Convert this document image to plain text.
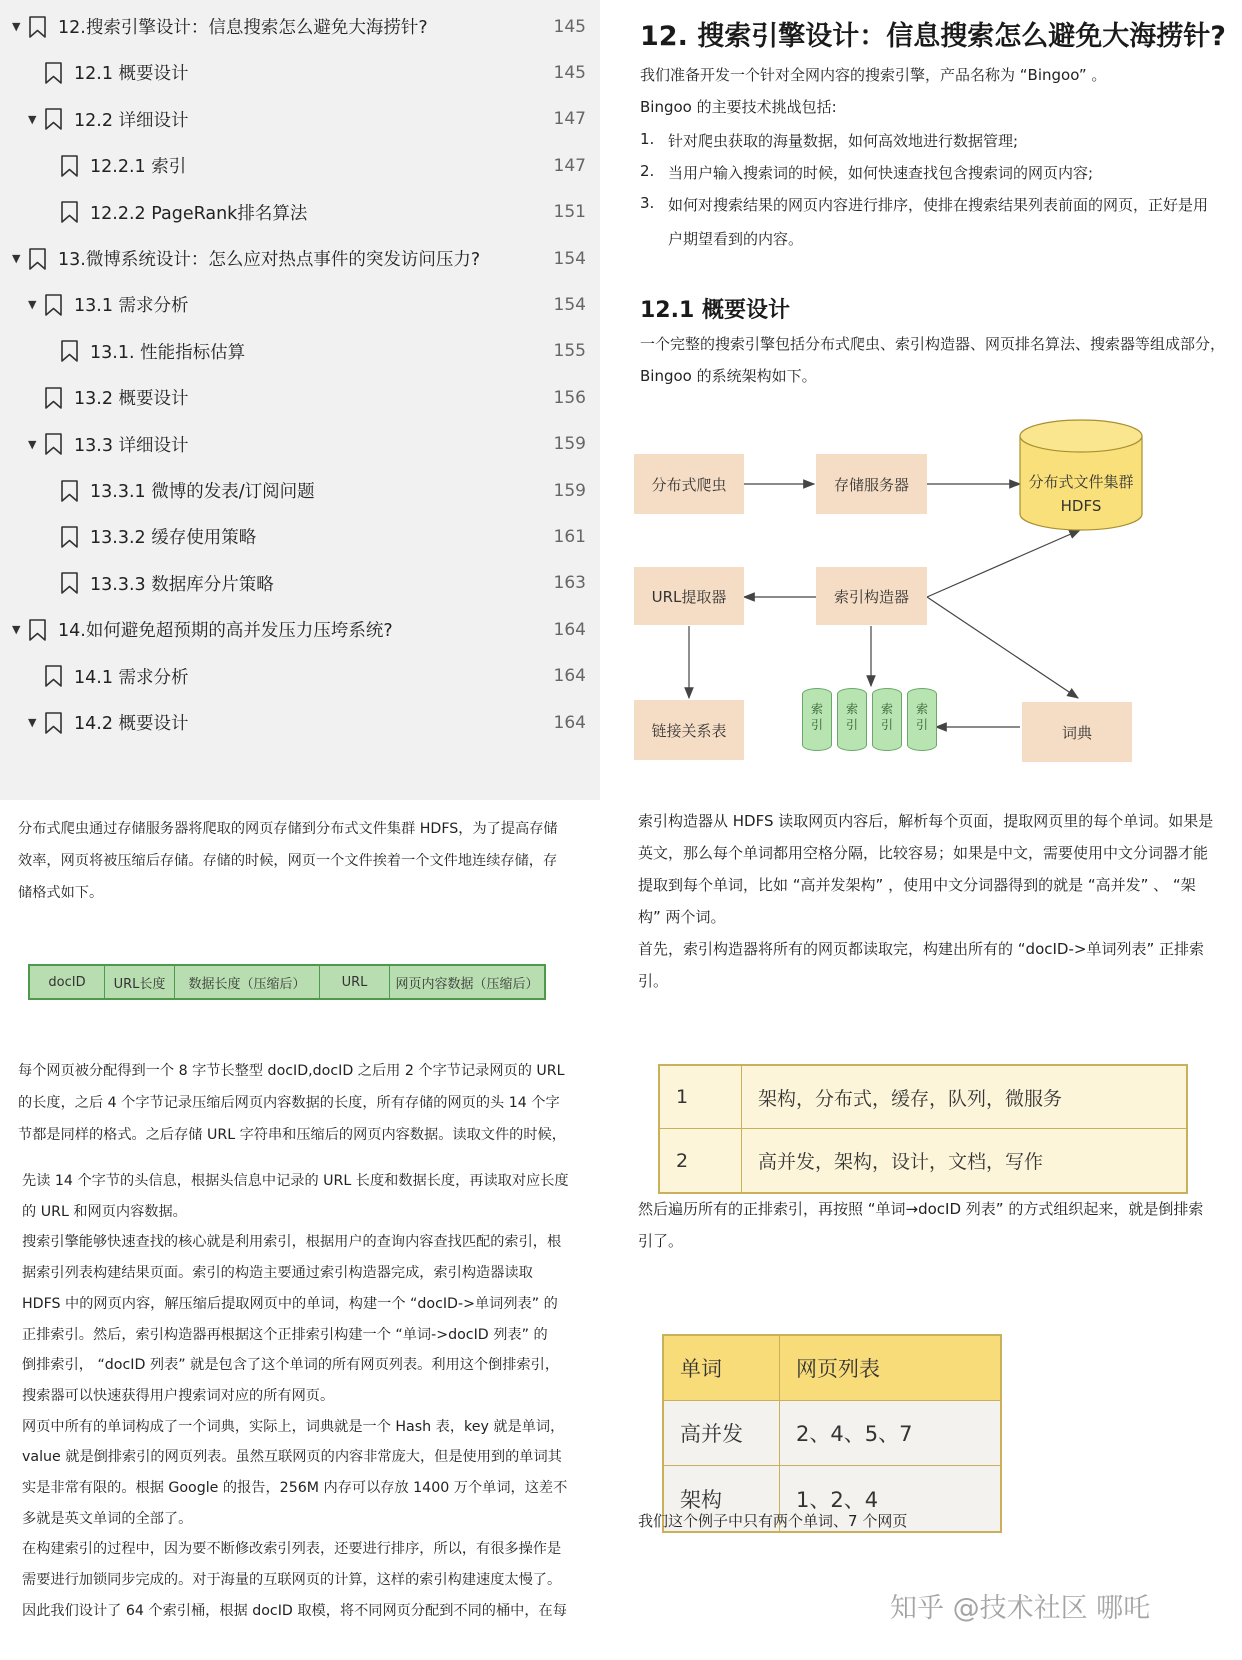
▼ 12.搜索引擎设计：信息搜索怎么避免大海捞针?	145
12.1 概要设计	145
▼ 12.2 详细设计	147
12.2.1 索引	147
12.2.2 PageRank排名算法	151
▼ 13.微博系统设计：怎么应对热点事件的突发访问压力?	154
▼ 13.1 需求分析	154
13.1. 性能指标估算	155
13.2 概要设计	156
▼ 13.3 详细设计	159
13.3.1 微博的发表/订阅问题	159
13.3.2 缓存使用策略	161
13.3.3 数据库分片策略	163
▼ 14.如何避免超预期的高并发压力压垮系统?	164
14.1 需求分析	164
▼ 14.2 概要设计	164
12. 搜索引擎设计：信息搜索怎么避免大海捞针?
我们准备开发一个针对全网内容的搜索引擎，产品名称为 “Bingoo” 。
Bingoo 的主要技术挑战包括:
1. 针对爬虫获取的海量数据，如何高效地进行数据管理;
2. 当用户输入搜索词的时候，如何快速查找包含搜索词的网页内容;
3. 如何对搜索结果的网页内容进行排序，使排在搜索结果列表前面的网页，正好是用
户期望看到的内容。
12.1 概要设计
一个完整的搜索引擎包括分布式爬虫、索引构造器、网页排名算法、搜索器等组成部分，
Bingoo 的系统架构如下。
分布式爬虫	存储服务器	分布式文件集群
HDFS
URL提取器	索引构造器
链接关系表	词典
索
引
索
引
索
引
索
引
分布式爬虫通过存储服务器将爬取的网页存储到分布式文件集群 HDFS，为了提高存储
效率，网页将被压缩后存储。存储的时候，网页一个文件挨着一个文件地连续存储，存
储格式如下。
docID	URL长度	数据长度（压缩后）	URL	网页内容数据（压缩后）
每个网页被分配得到一个 8 字节长整型 docID,docID 之后用 2 个字节记录网页的 URL
的长度，之后 4 个字节记录压缩后网页内容数据的长度，所有存储的网页的头 14 个字
节都是同样的格式。之后存储 URL 字符串和压缩后的网页内容数据。读取文件的时候，
先读 14 个字节的头信息，根据头信息中记录的 URL 长度和数据长度，再读取对应长度
的 URL 和网页内容数据。
搜索引擎能够快速查找的核心就是利用索引，根据用户的查询内容查找匹配的索引，根
据索引列表构建结果页面。索引的构造主要通过索引构造器完成，索引构造器读取
HDFS 中的网页内容，解压缩后提取网页中的单词，构建一个 “docID->单词列表” 的
正排索引。然后，索引构造器再根据这个正排索引构建一个 “单词->docID 列表” 的
倒排索引， “docID 列表” 就是包含了这个单词的所有网页列表。利用这个倒排索引，
搜索器可以快速获得用户搜索词对应的所有网页。
网页中所有的单词构成了一个词典，实际上，词典就是一个 Hash 表，key 就是单词，
value 就是倒排索引的网页列表。虽然互联网页的内容非常庞大，但是使用到的单词其
实是非常有限的。根据 Google 的报告，256M 内存可以存放 1400 万个单词，这差不
多就是英文单词的全部了。
在构建索引的过程中，因为要不断修改索引列表，还要进行排序，所以，有很多操作是
需要进行加锁同步完成的。对于海量的互联网页的计算，这样的索引构建速度太慢了。
因此我们设计了 64 个索引桶，根据 docID 取模，将不同网页分配到不同的桶中，在每
索引构造器从 HDFS 读取网页内容后，解析每个页面，提取网页里的每个单词。如果是
英文，那么每个单词都用空格分隔，比较容易；如果是中文，需要使用中文分词器才能
提取到每个单词，比如 “高并发架构” ，使用中文分词器得到的就是 “高并发” 、 “架
构” 两个词。
首先，索引构造器将所有的网页都读取完，构建出所有的 “docID->单词列表” 正排索
引。
1	架构，分布式，缓存，队列，微服务
2	高并发，架构，设计，文档，写作
然后遍历所有的正排索引，再按照 “单词→docID 列表” 的方式组织起来，就是倒排索
引了。
单词	网页列表
高并发	2、4、5、7
架构	1、2、4
我们这个例子中只有两个单词、7 个网页
知乎 @技术社区 哪吒
